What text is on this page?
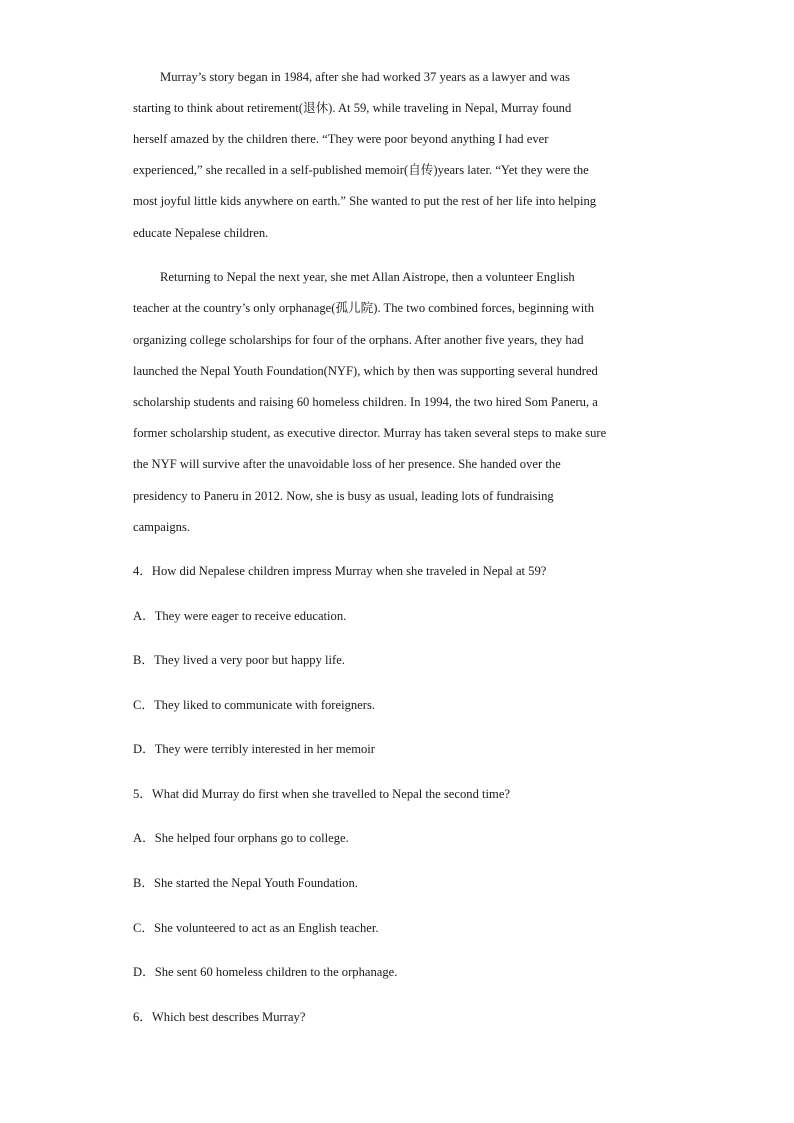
Murray’s story began in 1984, after she had worked 37 years as a lawyer and was
starting to think about retirement(退休). At 59, while traveling in Nepal, Murray found
herself amazed by the children there. “They were poor beyond anything I had ever
experienced,” she recalled in a self-published memoir(自传)years later. “Yet they were the
most joyful little kids anywhere on earth.” She wanted to put the rest of her life into helping
educate Nepalese children.
Returning to Nepal the next year, she met Allan Aistrope, then a volunteer English
teacher at the country’s only orphanage(孤儿院). The two combined forces, beginning with
organizing college scholarships for four of the orphans. After another five years, they had
launched the Nepal Youth Foundation(NYF), which by then was supporting several hundred
scholarship students and raising 60 homeless children. In 1994, the two hired Som Paneru, a
former scholarship student, as executive director. Murray has taken several steps to make sure
the NYF will survive after the unavoidable loss of her presence. She handed over the
presidency to Paneru in 2012. Now, she is busy as usual, leading lots of fundraising
campaigns.
4．How did Nepalese children impress Murray when she traveled in Nepal at 59?
A．They were eager to receive education.
B．They lived a very poor but happy life.
C．They liked to communicate with foreigners.
D．They were terribly interested in her memoir
5．What did Murray do first when she travelled to Nepal the second time?
A．She helped four orphans go to college.
B．She started the Nepal Youth Foundation.
C．She volunteered to act as an English teacher.
D．She sent 60 homeless children to the orphanage.
6．Which best describes Murray?
